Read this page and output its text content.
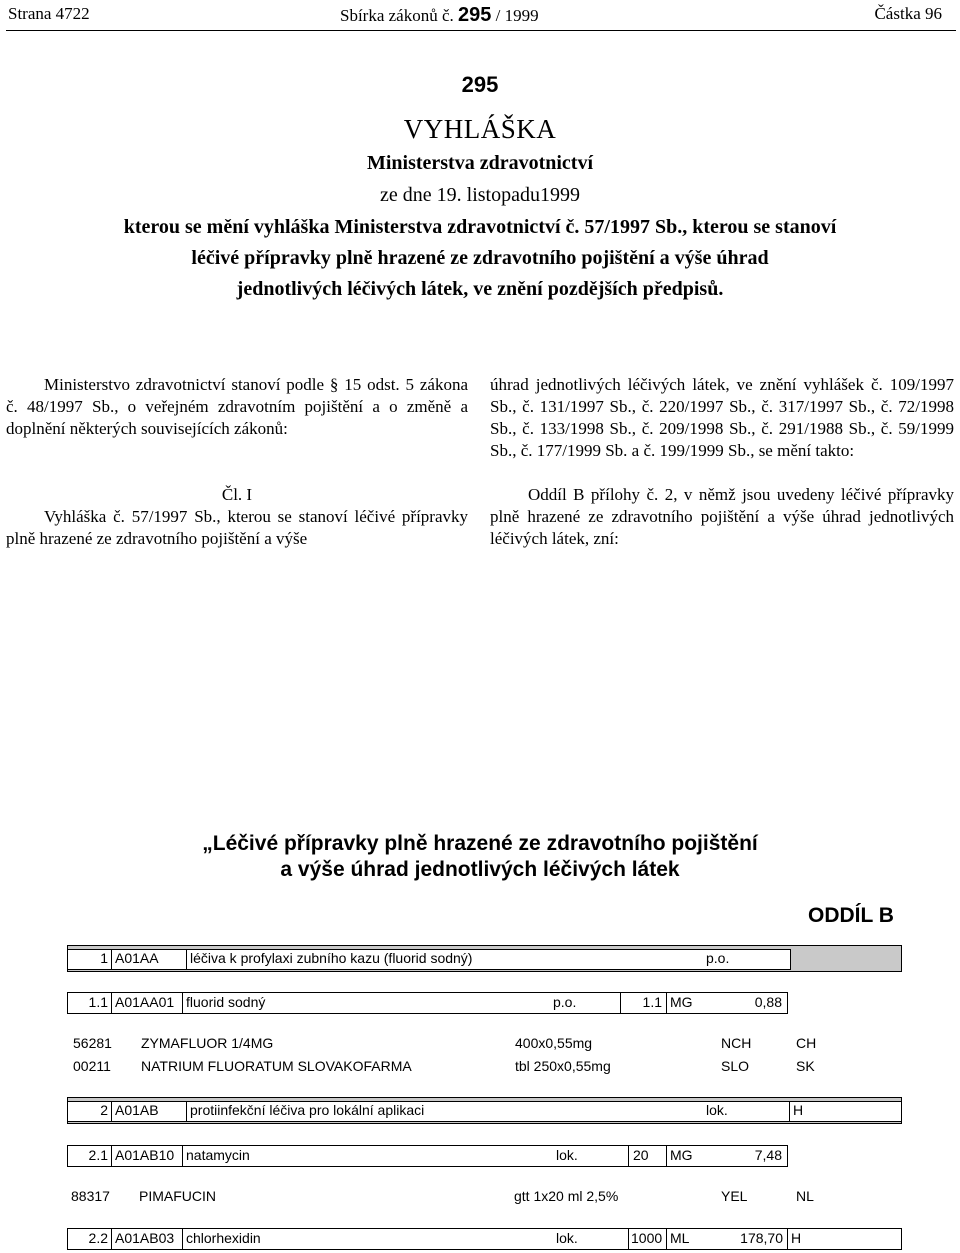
Strana 4722	Sbírka zákonů č. 295 / 1999	Částka 96
295
VYHLÁŠKA
Ministerstva zdravotnictví
ze dne 19. listopadu1999
kterou se mění vyhláška Ministerstva zdravotnictví č. 57/1997 Sb., kterou se stanoví
léčivé přípravky plně hrazené ze zdravotního pojištění a výše úhrad
jednotlivých léčivých látek, ve znění pozdějších předpisů.

Ministerstvo zdravotnictví stanoví podle § 15 odst. 5 zákona č. 48/1997 Sb., o veřejném zdravotním pojištění a o změně a doplnění některých souvisejících zákonů:

Čl. I

Vyhláška č. 57/1997 Sb., kterou se stanoví léčivé přípravky plně hrazené ze zdravotního pojištění a výše

úhrad jednotlivých léčivých látek, ve znění vyhlášek č. 109/1997 Sb., č. 131/1997 Sb., č. 220/1997 Sb., č. 317/1997 Sb., č. 72/1998 Sb., č. 133/1998 Sb., č. 209/1998 Sb., č. 291/1988 Sb., č. 59/1999 Sb., č. 177/1999 Sb. a č. 199/1999 Sb., se mění takto:

Oddíl B přílohy č. 2, v němž jsou uvedeny léčivé přípravky plně hrazené ze zdravotního pojištění a výše úhrad jednotlivých léčivých látek, zní:

„Léčivé přípravky plně hrazené ze zdravotního pojištění
a výše úhrad jednotlivých léčivých látek
ODDÍL B
1 A01AA léčiva k profylaxi zubního kazu (fluorid sodný)	p.o.
1.1 A01AA01 fluorid sodný	p.o.	1.1 MG	0,88
56281 ZYMAFLUOR 1/4MG	400x0,55mg	NCH	CH
00211 NATRIUM FLUORATUM SLOVAKOFARMA	tbl 250x0,55mg	SLO	SK
2 A01AB protiinfekční léčiva pro lokální aplikaci	lok.	H
2.1 A01AB10 natamycin	lok.	20 MG	7,48
88317 PIMAFUCIN	gtt 1x20 ml 2,5%	YEL	NL
2.2 A01AB03 chlorhexidin	lok.	1000 ML	178,70 H
